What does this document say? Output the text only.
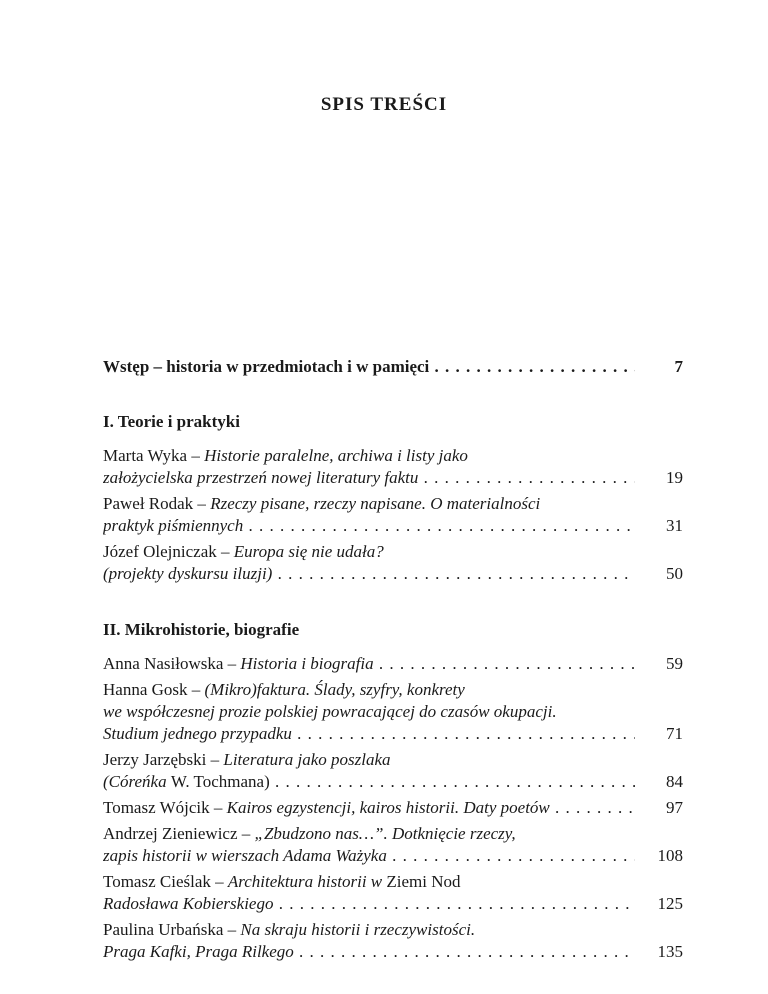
SPIS TREŚCI
Wstęp – historia w przedmiotach i w pamięci . . .	7
I. Teorie i praktyki
Marta Wyka – Historie paralelne, archiwa i listy jako
założycielska przestrzeń nowej literatury faktu . . .	19
Paweł Rodak – Rzeczy pisane, rzeczy napisane. O materialności
praktyk piśmiennych . . .	31
Józef Olejniczak – Europa się nie udała?
(projekty dyskursu iluzji) . . .	50
II. Mikrohistorie, biografie
Anna Nasiłowska – Historia i biografia . . .	59
Hanna Gosk – (Mikro)faktura. Ślady, szyfry, konkrety
we współczesnej prozie polskiej powracającej do czasów okupacji.
Studium jednego przypadku . . .	71
Jerzy Jarzębski – Literatura jako poszlaka
(Córeńka W. Tochmana) . . .	84
Tomasz Wójcik – Kairos egzystencji, kairos historii. Daty poetów . . .	97
Andrzej Zieniewicz – „Zbudzono nas…”. Dotknięcie rzeczy,
zapis historii w wierszach Adama Ważyka . . .	108
Tomasz Cieślak – Architektura historii w Ziemi Nod
Radosława Kobierskiego . . .	125
Paulina Urbańska – Na skraju historii i rzeczywistości.
Praga Kafki, Praga Rilkego . . .	135
